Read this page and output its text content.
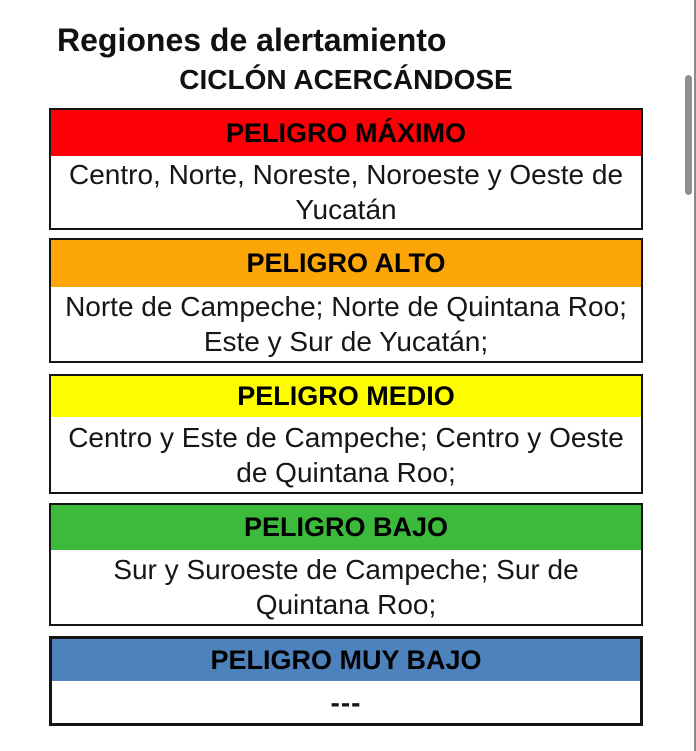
Regiones de alertamiento
CICLÓN ACERCÁNDOSE
PELIGRO MÁXIMO

Centro, Norte, Noreste, Noroeste y Oeste de Yucatán

PELIGRO ALTO

Norte de Campeche; Norte de Quintana Roo; Este y Sur de Yucatán;

PELIGRO MEDIO

Centro y Este de Campeche; Centro y Oeste de Quintana Roo;

PELIGRO BAJO

Sur y Suroeste de Campeche; Sur de Quintana Roo;

PELIGRO MUY BAJO

---
